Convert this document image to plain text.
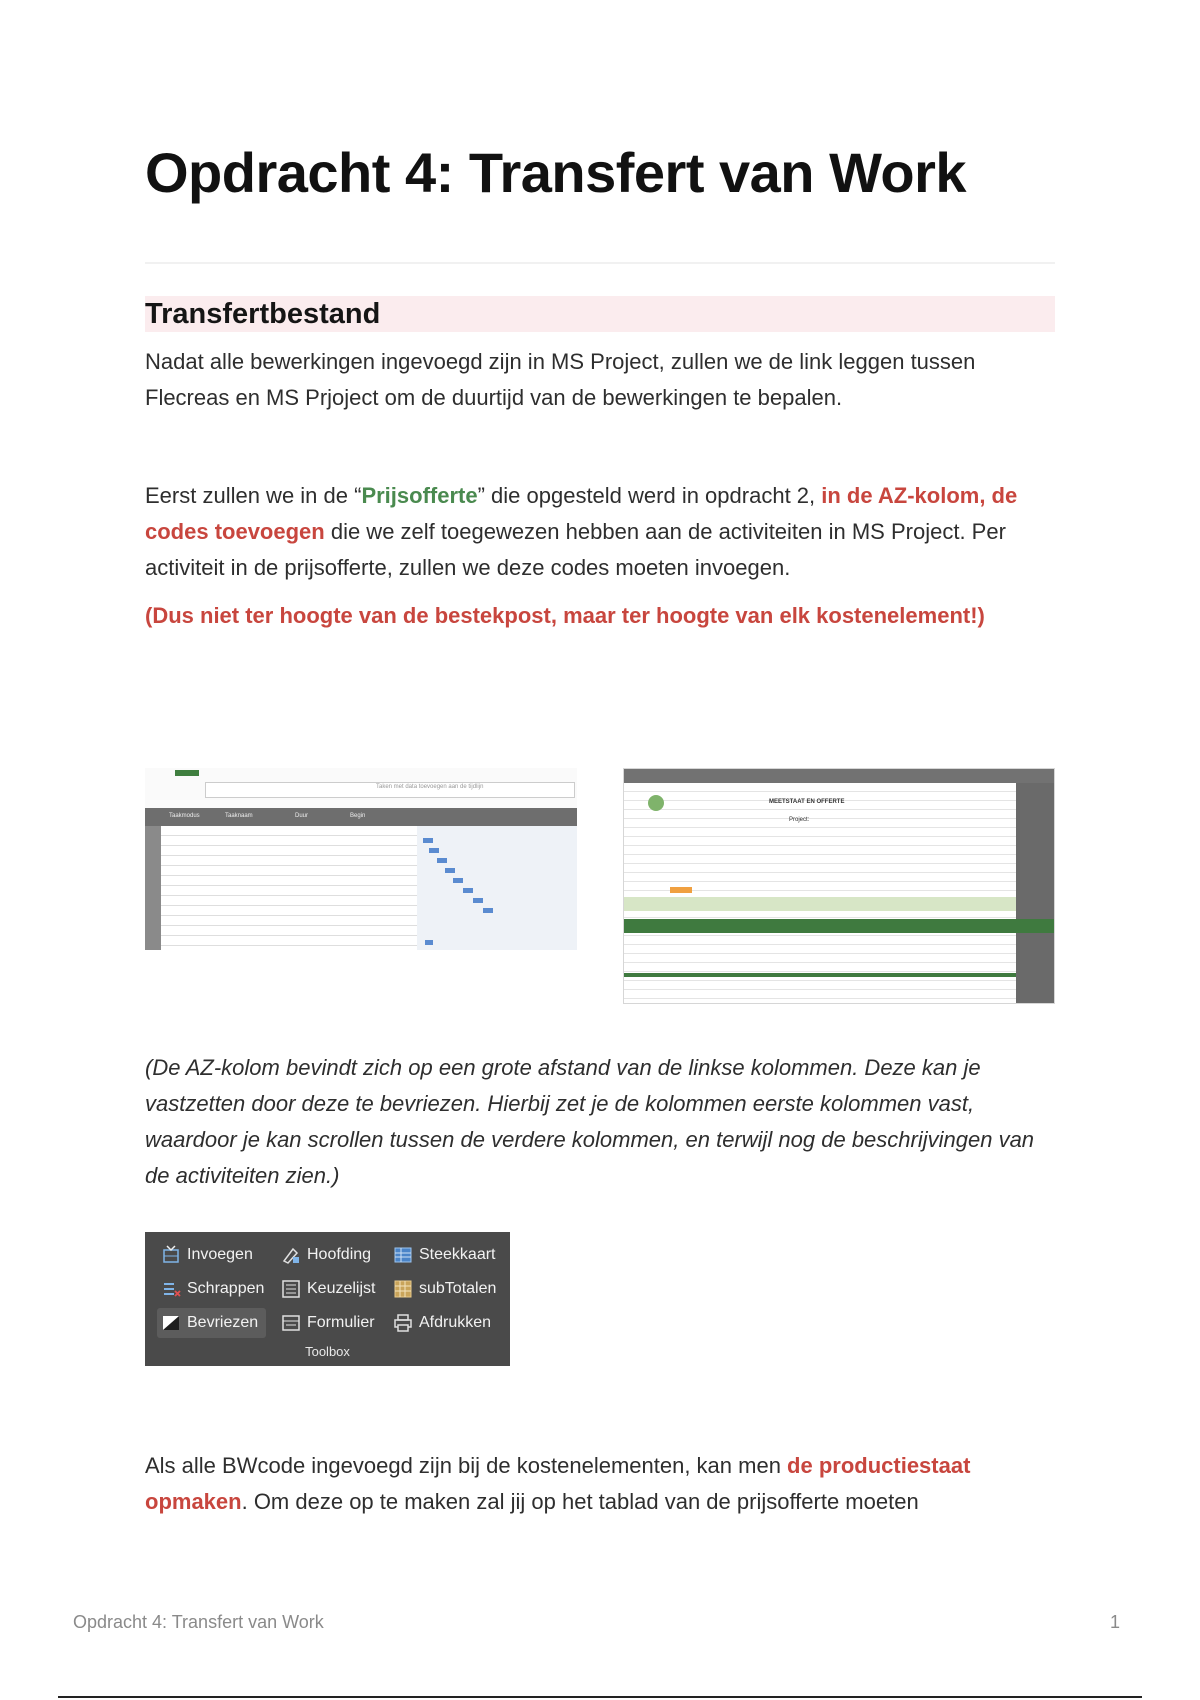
Opdracht 4: Transfert van Work
Transfertbestand

Nadat alle bewerkingen ingevoegd zijn in MS Project, zullen we de link leggen tussen Flecreas en MS Prjoject om de duurtijd van de bewerkingen te bepalen.

Eerst zullen we in de “Prijsofferte” die opgesteld werd in opdracht 2, in de AZ-kolom, de codes toevoegen die we zelf toegewezen hebben aan de activiteiten in MS Project. Per activiteit in de prijsofferte, zullen we deze codes moeten invoegen.

(Dus niet ter hoogte van de bestekpost, maar ter hoogte van elk kostenelement!)

Taken met data toevoegen aan de tijdlijn
Taakmodus	Taaknaam	Duur	Begin
MEETSTAAT EN OFFERTE
Project:

(De AZ-kolom bevindt zich op een grote afstand van de linkse kolommen. Deze kan je vastzetten door deze te bevriezen. Hierbij zet je de kolommen eerste kolommen vast, waardoor je kan scrollen tussen de verdere kolommen, en terwijl nog de beschrijvingen van de activiteiten zien.)

Invoegen	Hoofding	Steekkaart
Schrappen	Keuzelijst	subTotalen
Bevriezen	Formulier	Afdrukken
Toolbox

Als alle BWcode ingevoegd zijn bij de kostenelementen, kan men de productiestaat opmaken. Om deze op te maken zal jij op het tablad van de prijsofferte moeten

Opdracht 4: Transfert van Work	1
